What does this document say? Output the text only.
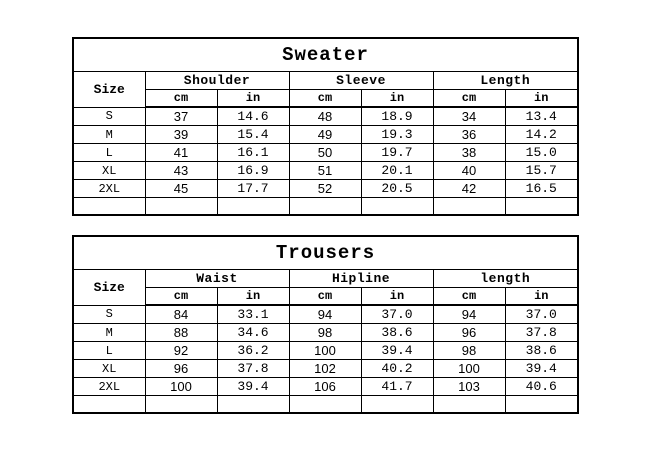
Sweater						
Size	Shoulder		Sleeve		Length	
	cm	in	cm	in	cm	in
S	37	14.6	48	18.9	34	13.4
M	39	15.4	49	19.3	36	14.2
L	41	16.1	50	19.7	38	15.0
XL	43	16.9	51	20.1	40	15.7
2XL	45	17.7	52	20.5	42	16.5

Trousers						
Size	Waist		Hipline		length	
	cm	in	cm	in	cm	in
S	84	33.1	94	37.0	94	37.0
M	88	34.6	98	38.6	96	37.8
L	92	36.2	100	39.4	98	38.6
XL	96	37.8	102	40.2	100	39.4
2XL	100	39.4	106	41.7	103	40.6
